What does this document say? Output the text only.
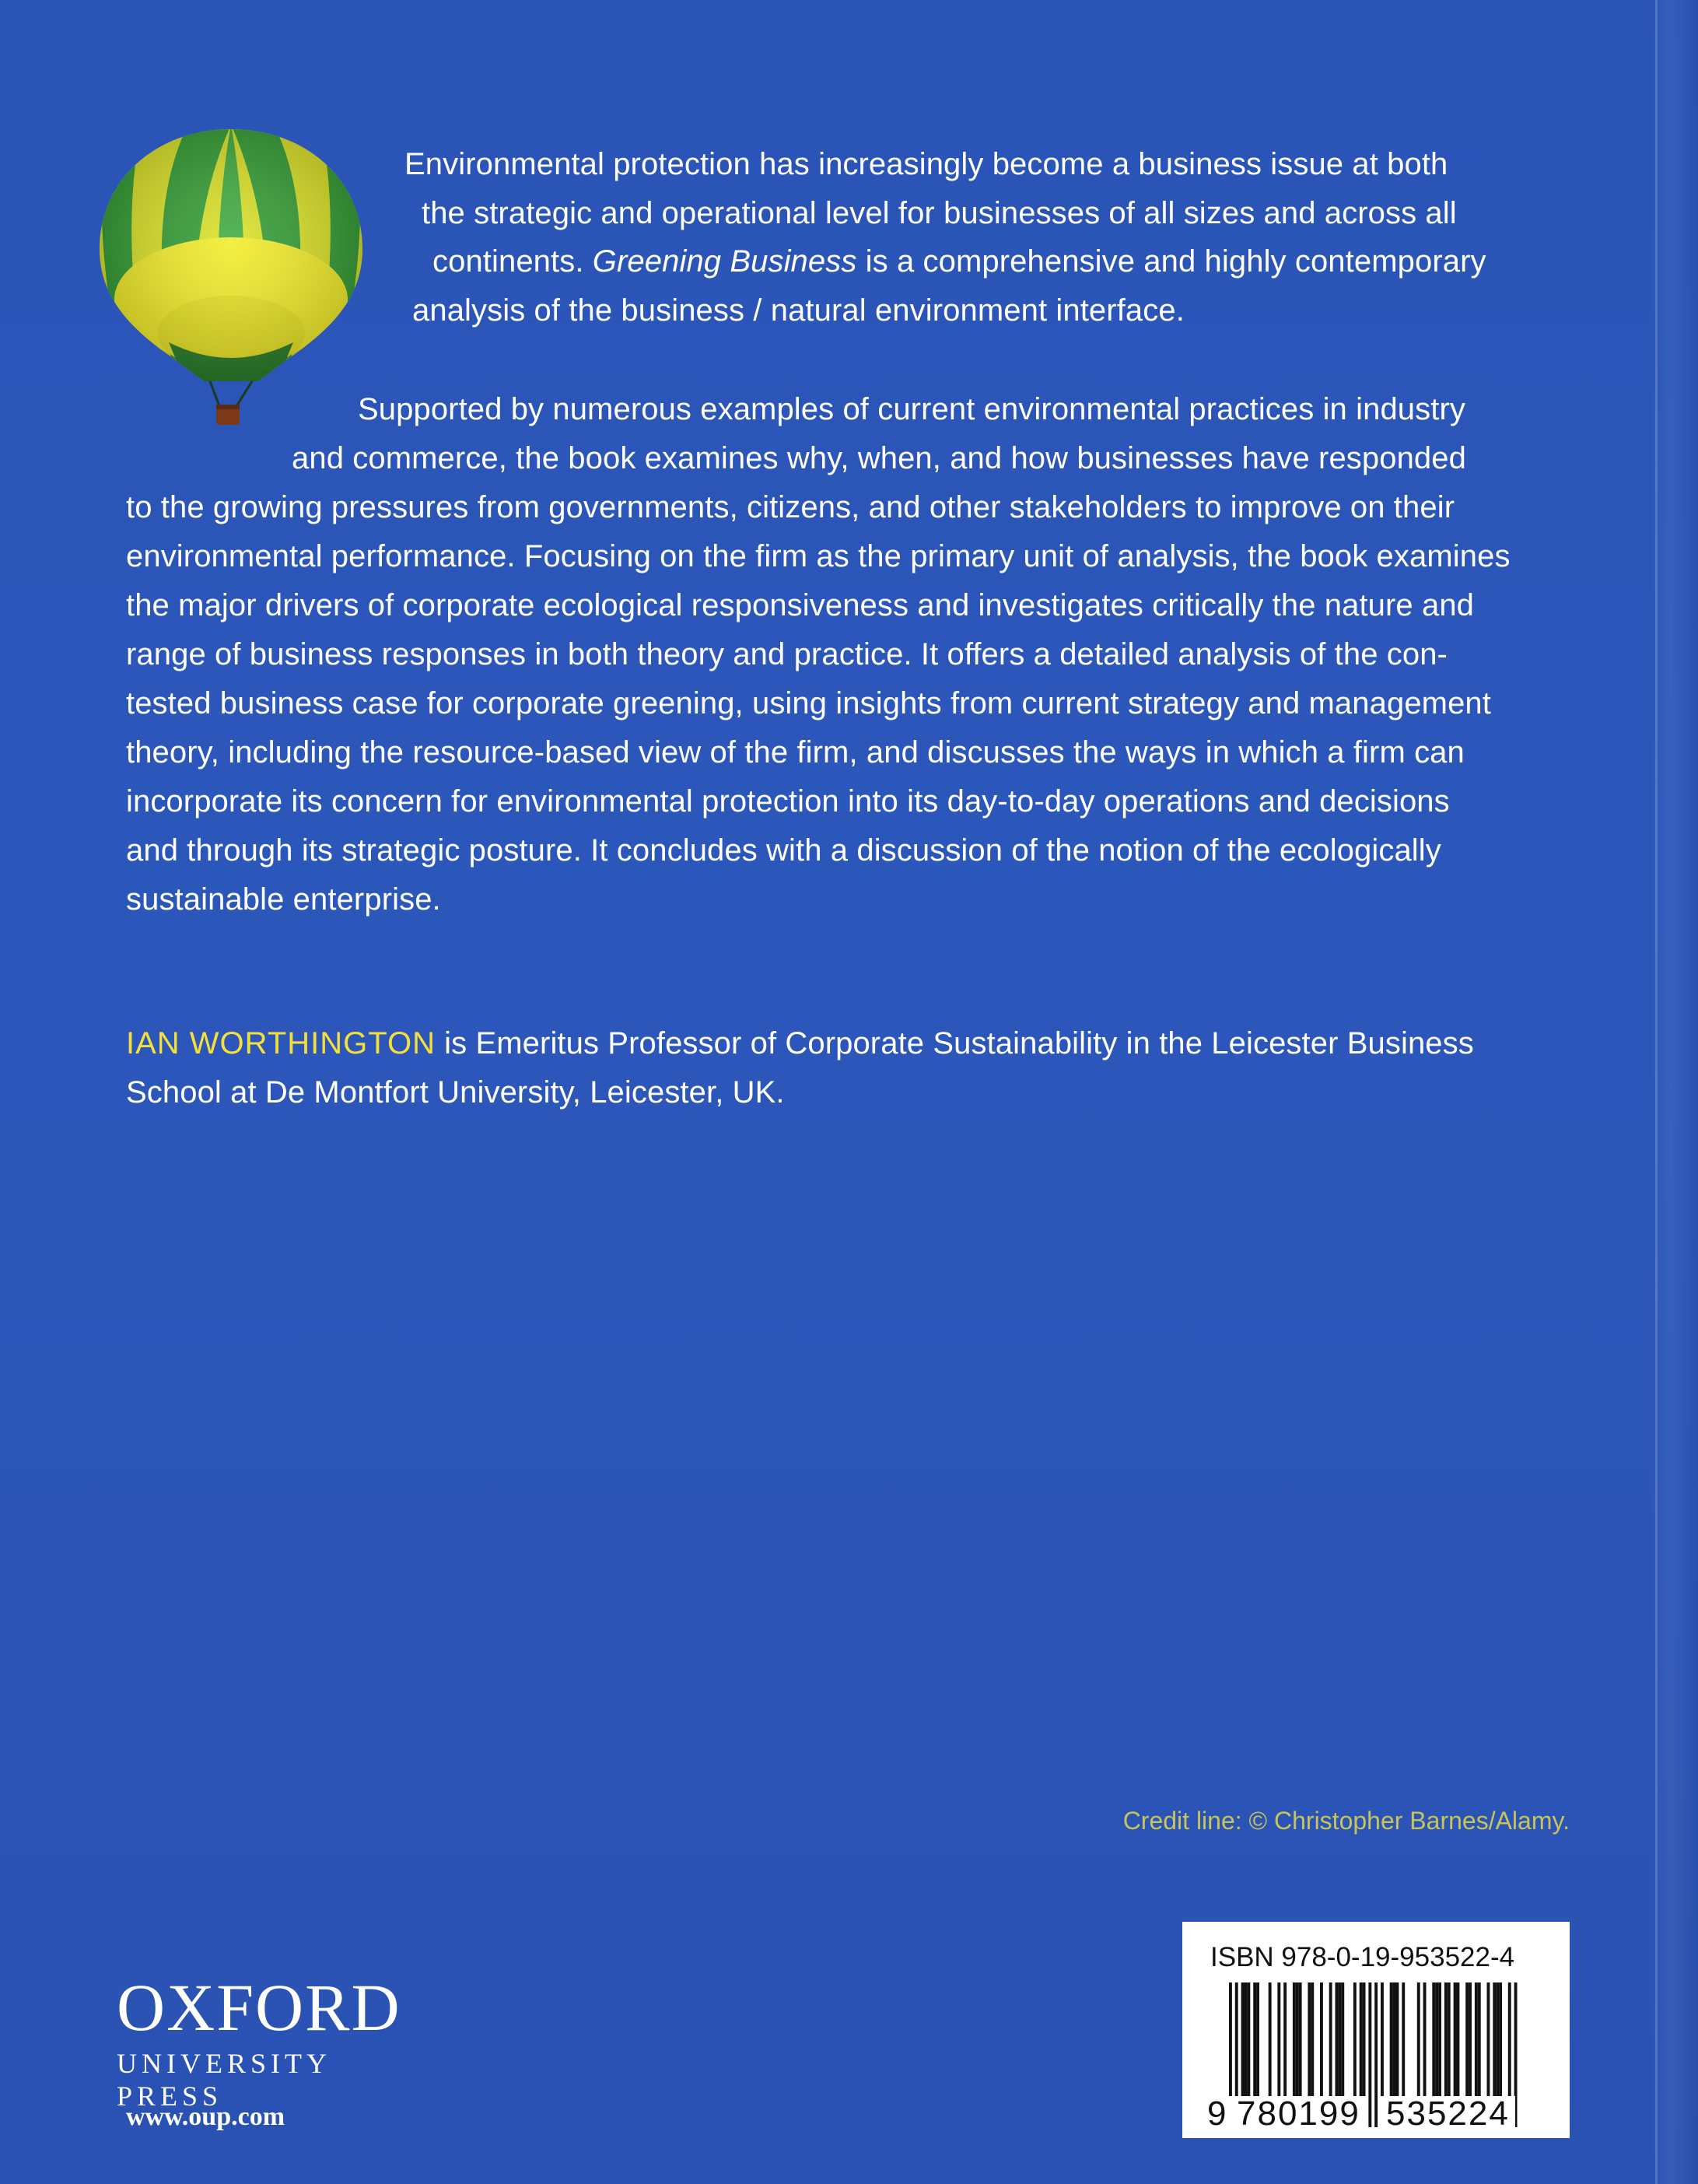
Environmental protection has increasingly become a business issue at both
the strategic and operational level for businesses of all sizes and across all
continents. Greening Business is a comprehensive and highly contemporary
analysis of the business / natural environment interface.
Supported by numerous examples of current environmental practices in industry
and commerce, the book examines why, when, and how businesses have responded
to the growing pressures from governments, citizens, and other stakeholders to improve on their
environmental performance. Focusing on the firm as the primary unit of analysis, the book examines
the major drivers of corporate ecological responsiveness and investigates critically the nature and
range of business responses in both theory and practice. It offers a detailed analysis of the con-
tested business case for corporate greening, using insights from current strategy and management
theory, including the resource-based view of the firm, and discusses the ways in which a firm can
incorporate its concern for environmental protection into its day-to-day operations and decisions
and through its strategic posture. It concludes with a discussion of the notion of the ecologically
sustainable enterprise.
IAN WORTHINGTON is Emeritus Professor of Corporate Sustainability in the Leicester Business
School at De Montfort University, Leicester, UK.
Credit line: © Christopher Barnes/Alamy.
OXFORD
UNIVERSITY PRESS
www.oup.com
ISBN 978-0-19-953522-4
9 780199 535224
